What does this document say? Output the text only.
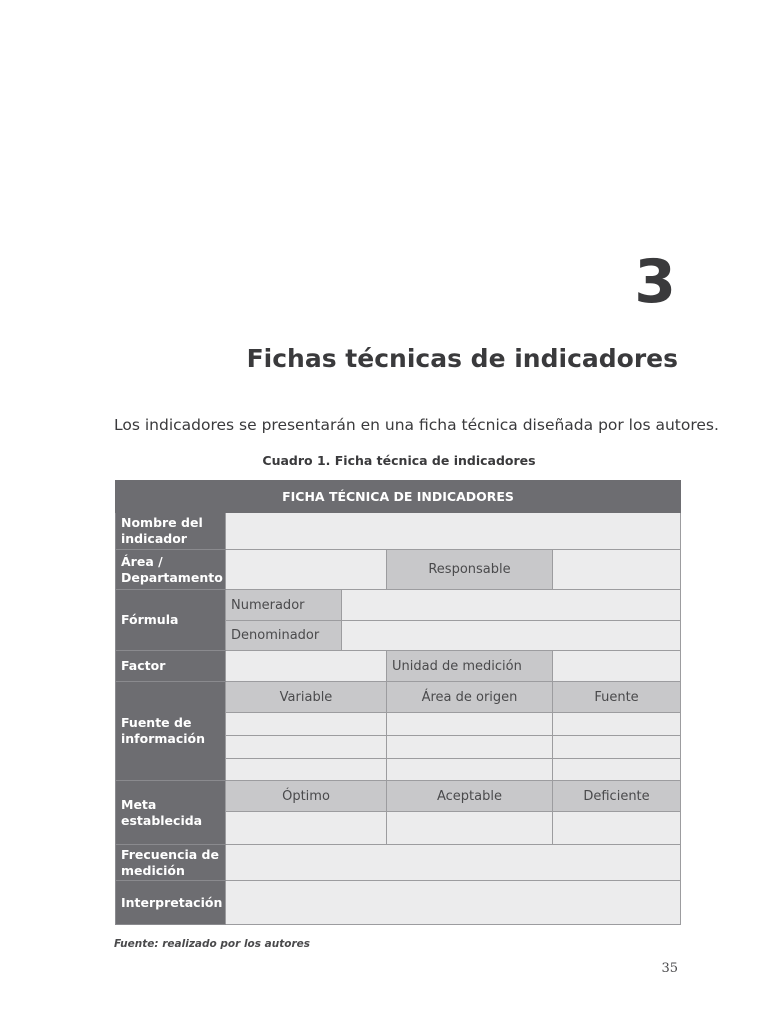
3
Fichas técnicas de indicadores
Los indicadores se presentarán en una ficha técnica diseñada por los autores.
Cuadro 1. Ficha técnica de indicadores
FICHA TÉCNICA DE INDICADORES				
Nombre del indicador				
Área / Departamento			Responsable	
Fórmula	Numerador			
	Denominador			
Factor			Unidad de medición	
Fuente de información	Variable		Área de origen	Fuente

Meta establecida	Óptimo		Aceptable	Deficiente

Frecuencia de medición				
Interpretación				
Fuente: realizado por los autores
35
